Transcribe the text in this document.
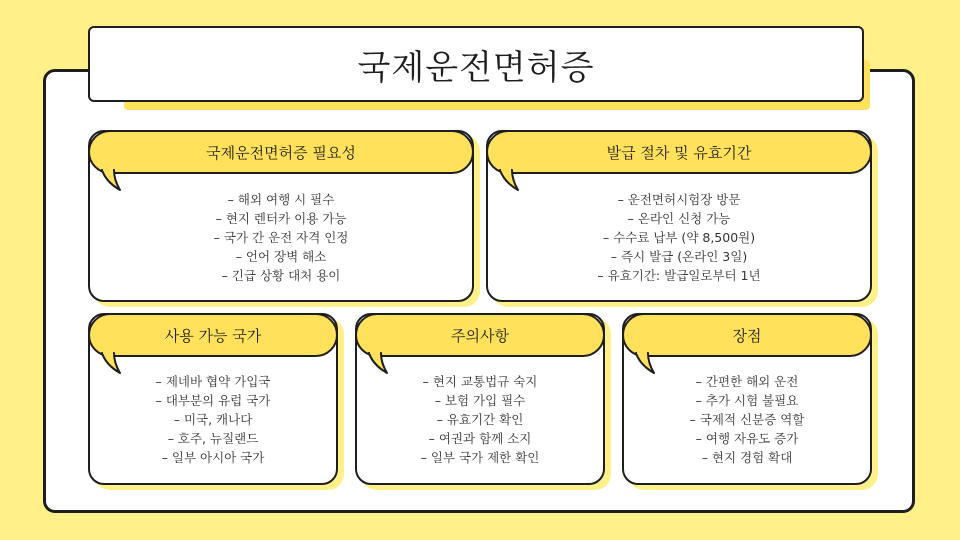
국제운전면허증
국제운전면허증 필요성
– 해외 여행 시 필수
– 현지 렌터카 이용 가능
– 국가 간 운전 자격 인정
– 언어 장벽 해소
– 긴급 상황 대처 용이
발급 절차 및 유효기간
– 운전면허시험장 방문
– 온라인 신청 가능
– 수수료 납부 (약 8,500원)
– 즉시 발급 (온라인 3일)
– 유효기간: 발급일로부터 1년
사용 가능 국가
– 제네바 협약 가입국
– 대부분의 유럽 국가
– 미국, 캐나다
– 호주, 뉴질랜드
– 일부 아시아 국가
주의사항
– 현지 교통법규 숙지
– 보험 가입 필수
– 유효기간 확인
– 여권과 함께 소지
– 일부 국가 제한 확인
장점
– 간편한 해외 운전
– 추가 시험 불필요
– 국제적 신분증 역할
– 여행 자유도 증가
– 현지 경험 확대
